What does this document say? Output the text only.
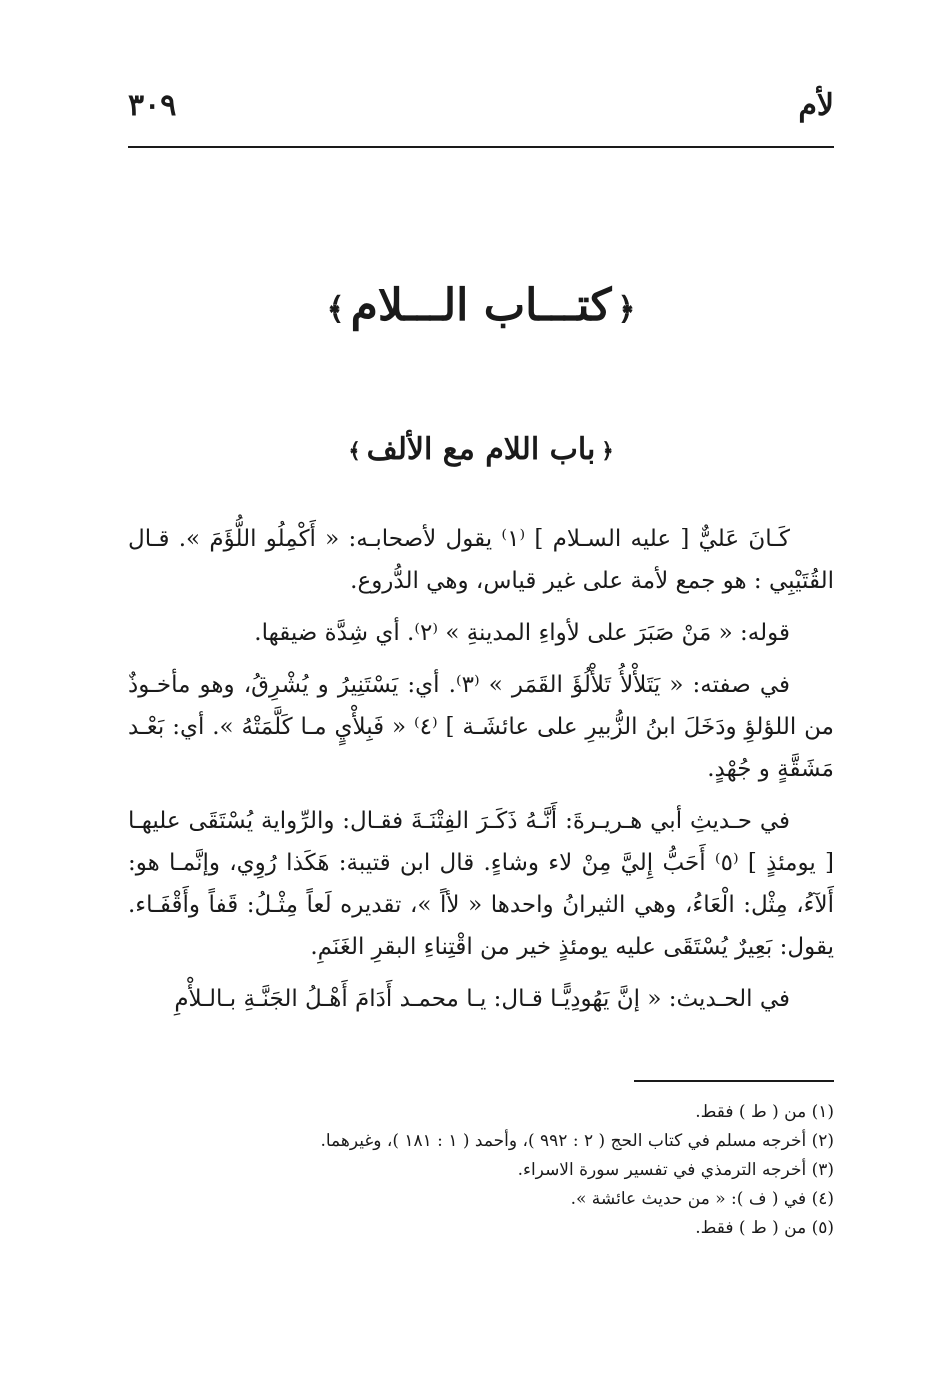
لأم
٣٠٩
﴿كتـــاب الـــلام﴾
﴿باب اللام مع الألف﴾

كَـانَ عَليٌّ [ عليه السـلام ] ⁽١⁾ يقول لأصحابـه: « أَكْمِلُو اللُّؤَمَ ». قـال القُتَيْبِي : هو جمع لأمة على غير قياس، وهي الدُّروع.

قوله: « مَنْ صَبَرَ على لأواءِ المدينةِ » ⁽٢⁾. أي شِدَّة ضيقها.

في صفته: « يَتَلأْلأُ تَلأْلُؤَ القَمَر » ⁽٣⁾. أي: يَسْتَنِيرُ و يُشْرِقُ، وهو مأخـوذٌ من اللؤلؤِ ودَخَلَ ابنُ الزُّبيرِ على عائشَـة ] ⁽٤⁾ « فَبِلأْيٍ مـا كَلَّمَتْهُ ». أي: بَعْـد مَشَقَّةٍ و جُهْدٍ.

في حـديثِ أبي هـريـرةَ: أَنَّـهُ ذَكَـرَ الفِتْنَـةَ فقـال: والرِّواية يُسْتَقَى عليهـا [ يومئذٍ ] ⁽٥⁾ أَحَبُّ إِليَّ مِنْ لاء وشاءٍ. قال ابن قتيبة: هَكَذا رُوِي، وإنَّمـا هو: أَلآءُ، مِثْل: الْعَاءُ، وهي الثيرانُ واحدها « لأاً »، تقديره لَعاً مِثْـلُ: قَفاً وأَقْفَـاء. يقول: بَعِيرٌ يُسْتَقَى عليه يومئذٍ خير من اقْتِناءِ البقرِ الغَنَمِ.

في الحـديث: « إنَّ يَهُودِيًّـا قـال: يـا محمـد أَدَامَ أَهْـلُ الجَنَّـةِ بـالـلأْمِ

(١) من ( ط ) فقط.
(٢) أخرجه مسلم في كتاب الحج ( ٢ : ٩٩٢ )، وأحمد ( ١ : ١٨١ )، وغيرهما.
(٣) أخرجه الترمذي في تفسير سورة الاسراء.
(٤) في ( ف ): « من حديث عائشة ».
(٥) من ( ط ) فقط.
